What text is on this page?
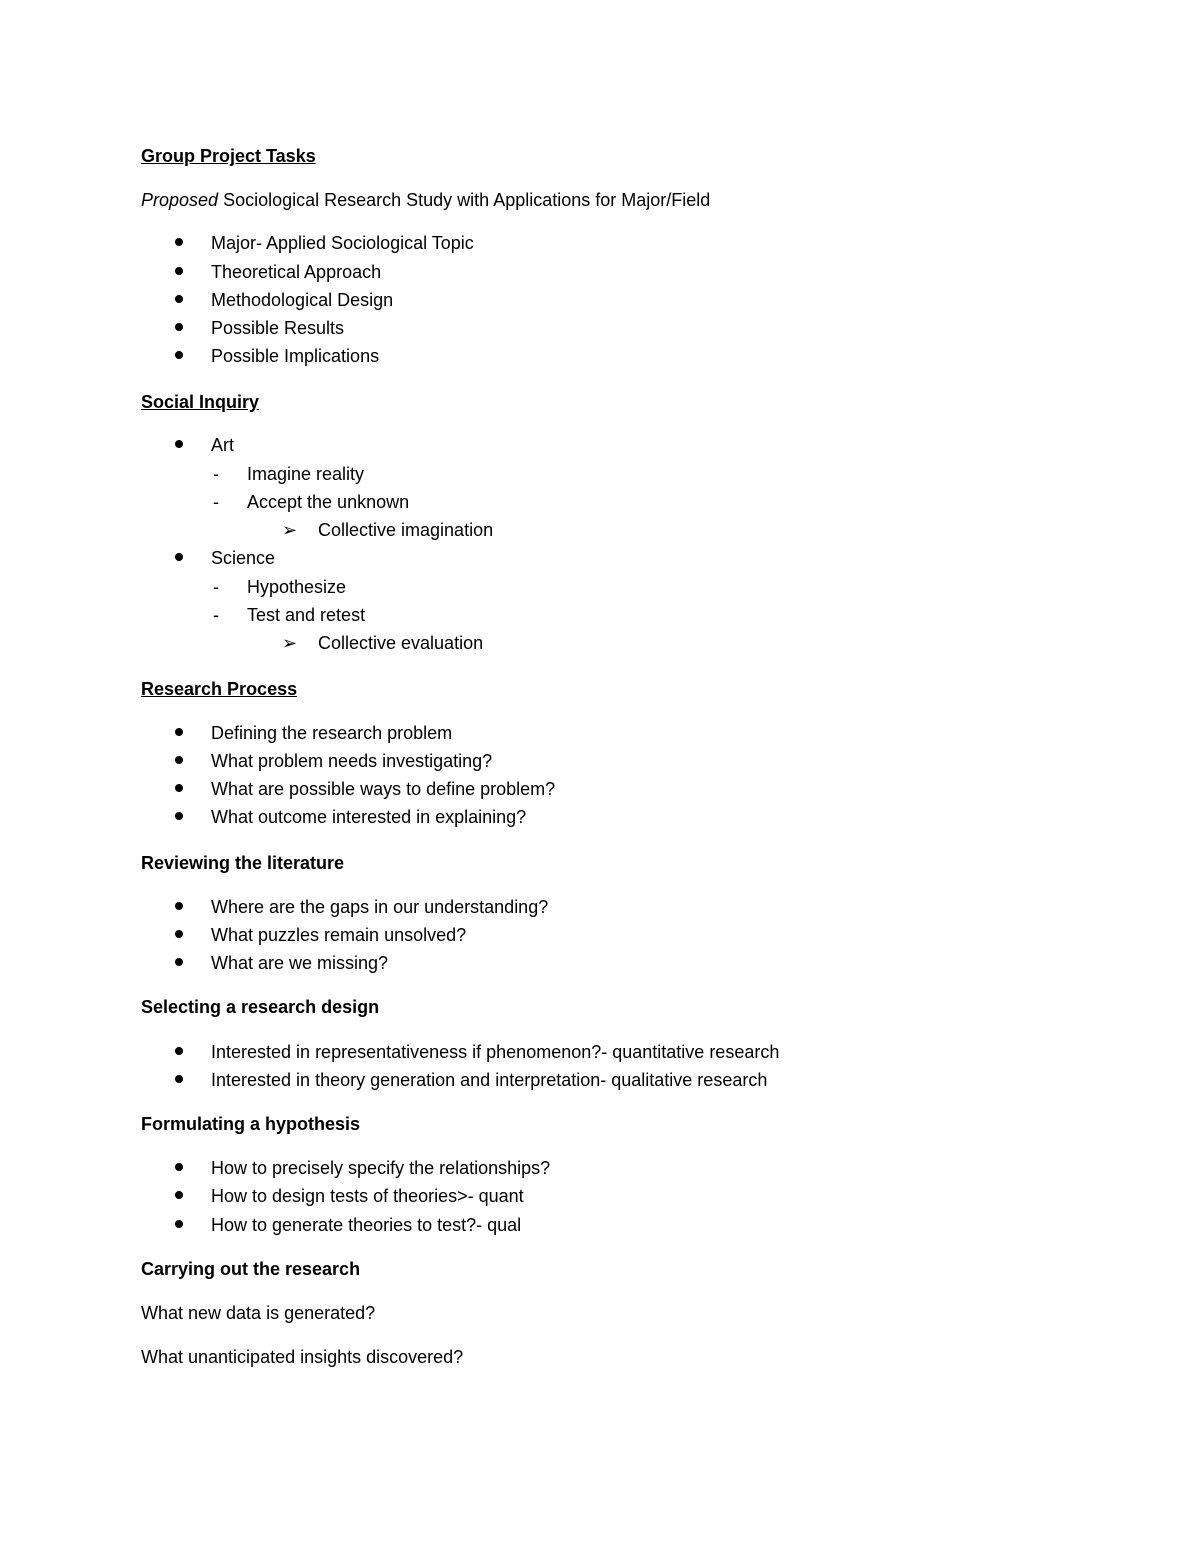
Group Project Tasks
Proposed Sociological Research Study with Applications for Major/Field
Major- Applied Sociological Topic
Theoretical Approach
Methodological Design
Possible Results
Possible Implications
Social Inquiry
Art
- Imagine reality
- Accept the unknown
➢ Collective imagination
Science
- Hypothesize
- Test and retest
➢ Collective evaluation
Research Process
Defining the research problem
What problem needs investigating?
What are possible ways to define problem?
What outcome interested in explaining?
Reviewing the literature
Where are the gaps in our understanding?
What puzzles remain unsolved?
What are we missing?
Selecting a research design
Interested in representativeness if phenomenon?- quantitative research
Interested in theory generation and interpretation- qualitative research
Formulating a hypothesis
How to precisely specify the relationships?
How to design tests of theories>- quant
How to generate theories to test?- qual
Carrying out the research
What new data is generated?
What unanticipated insights discovered?
